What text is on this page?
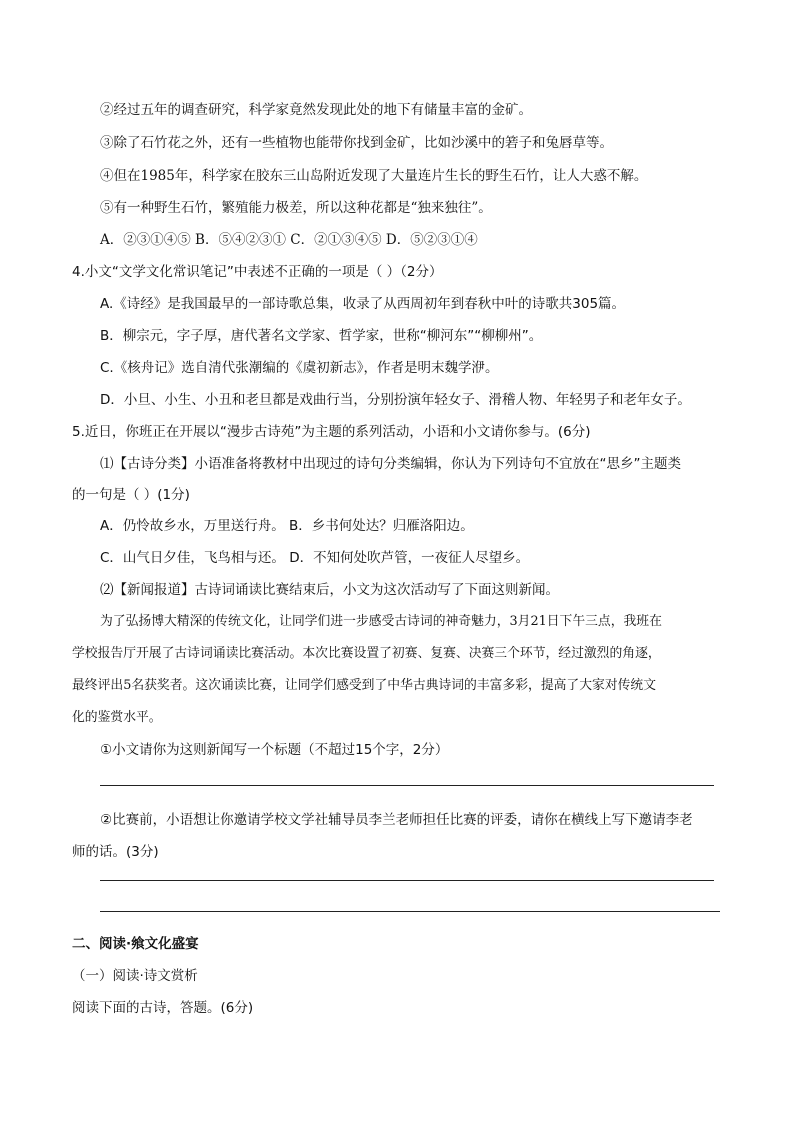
②经过五年的调查研究，科学家竟然发现此处的地下有储量丰富的金矿。
③除了石竹花之外，还有一些植物也能带你找到金矿，比如沙溪中的箬子和兔唇草等。
④但在1985年，科学家在胶东三山岛附近发现了大量连片生长的野生石竹，让人大惑不解。
⑤有一种野生石竹，繁殖能力极差，所以这种花都是“独来独往”。
A．②③①④⑤ B．⑤④②③① C．②①③④⑤ D．⑤②③①④
4.小文“文学文化常识笔记”中表述不正确的一项是（ ）（2分）
A.《诗经》是我国最早的一部诗歌总集，收录了从西周初年到春秋中叶的诗歌共305篇。
B．柳宗元，字子厚，唐代著名文学家、哲学家，世称“柳河东”“柳柳州”。
C.《核舟记》选自清代张潮编的《虞初新志》，作者是明末魏学洢。
D．小旦、小生、小丑和老旦都是戏曲行当，分别扮演年轻女子、滑稽人物、年轻男子和老年女子。
5.近日，你班正在开展以“漫步古诗苑”为主题的系列活动，小语和小文请你参与。(6分)
⑴【古诗分类】小语准备将教材中出现过的诗句分类编辑，你认为下列诗句不宜放在“思乡”主题类
的一句是（ ）(1分)
A．仍怜故乡水，万里送行舟。 B．乡书何处达？归雁洛阳边。
C．山气日夕佳，飞鸟相与还。 D．不知何处吹芦管，一夜征人尽望乡。
⑵【新闻报道】古诗词诵读比赛结束后，小文为这次活动写了下面这则新闻。
为了弘扬博大精深的传统文化，让同学们进一步感受古诗词的神奇魅力，3月21日下午三点，我班在
学校报告厅开展了古诗词诵读比赛活动。本次比赛设置了初赛、复赛、决赛三个环节，经过激烈的角逐，
最终评出5名获奖者。这次诵读比赛，让同学们感受到了中华古典诗词的丰富多彩，提高了大家对传统文
化的鉴赏水平。
①小文请你为这则新闻写一个标题（不超过15个字，2分）
②比赛前，小语想让你邀请学校文学社辅导员李兰老师担任比赛的评委，请你在横线上写下邀请李老
师的话。(3分)
二、阅读·飨文化盛宴
（一）阅读·诗文赏析
阅读下面的古诗，答题。(6分)
